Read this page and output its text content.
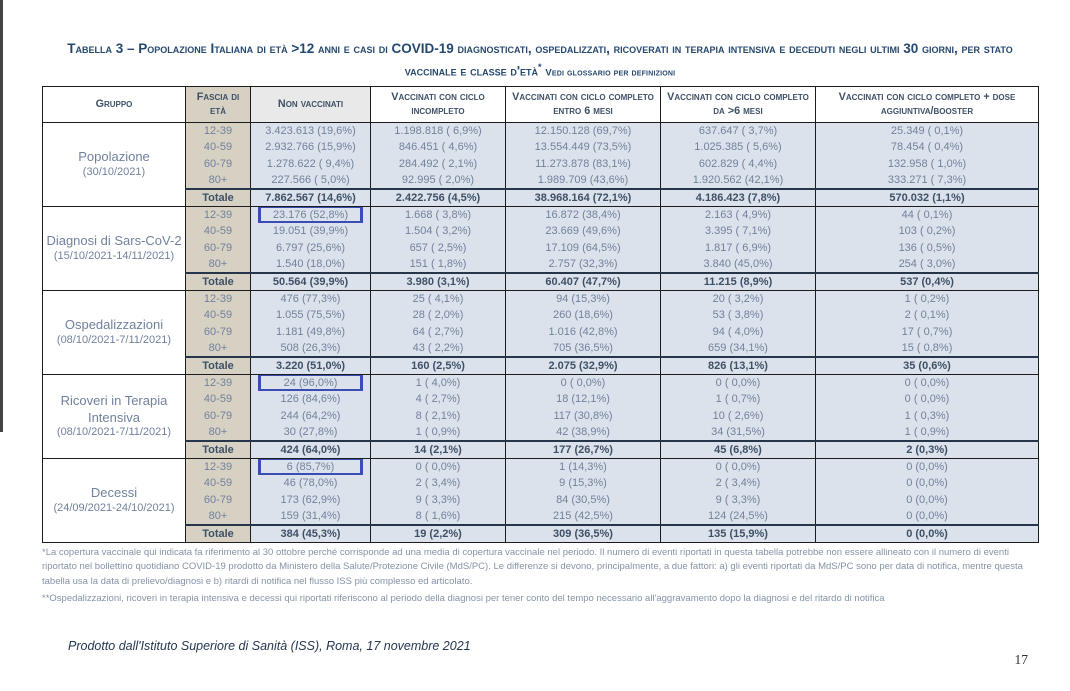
Tabella 3 – Popolazione Italiana di età >12 anni e casi di COVID-19 diagnosticati, ospedalizzati, ricoverati in terapia intensiva e deceduti negli ultimi 30 giorni, per stato vaccinale e classe d'età* Vedi glossario per definizioni
Gruppo	Fascia di età	Non vaccinati	Vaccinati con ciclo incompleto	Vaccinati con ciclo completo entro 6 mesi	Vaccinati con ciclo completo da >6 mesi	Vaccinati con ciclo completo + dose aggiuntiva/booster

Popolazione
(30/10/2021)	12-39	3.423.613 (19,6%)	1.198.818 ( 6,9%)	12.150.128 (69,7%)	637.647 ( 3,7%)	25.349 ( 0,1%)
	40-59	2.932.766 (15,9%)	846.451 ( 4,6%)	13.554.449 (73,5%)	1.025.385 ( 5,6%)	78.454 ( 0,4%)
	60-79	1.278.622 ( 9,4%)	284.492 ( 2,1%)	11.273.878 (83,1%)	602.829 ( 4,4%)	132.958 ( 1,0%)
	80+	227.566 ( 5,0%)	92.995 ( 2,0%)	1.989.709 (43,6%)	1.920.562 (42,1%)	333.271 ( 7,3%)
	Totale	7.862.567 (14,6%)	2.422.756 (4,5%)	38.968.164 (72,1%)	4.186.423 (7,8%)	570.032 (1,1%)

Diagnosi di Sars-CoV-2
(15/10/2021-14/11/2021)	12-39	23.176 (52,8%)	1.668 ( 3,8%)	16.872 (38,4%)	2.163 ( 4,9%)	44 ( 0,1%)
	40-59	19.051 (39,9%)	1.504 ( 3,2%)	23.669 (49,6%)	3.395 ( 7,1%)	103 ( 0,2%)
	60-79	6.797 (25,6%)	657 ( 2,5%)	17.109 (64,5%)	1.817 ( 6,9%)	136 ( 0,5%)
	80+	1.540 (18,0%)	151 ( 1,8%)	2.757 (32,3%)	3.840 (45,0%)	254 ( 3,0%)
	Totale	50.564 (39,9%)	3.980 (3,1%)	60.407 (47,7%)	11.215 (8,9%)	537 (0,4%)

Ospedalizzazioni
(08/10/2021-7/11/2021)	12-39	476 (77,3%)	25 ( 4,1%)	94 (15,3%)	20 ( 3,2%)	1 ( 0,2%)
	40-59	1.055 (75,5%)	28 ( 2,0%)	260 (18,6%)	53 ( 3,8%)	2 ( 0,1%)
	60-79	1.181 (49,8%)	64 ( 2,7%)	1.016 (42,8%)	94 ( 4,0%)	17 ( 0,7%)
	80+	508 (26,3%)	43 ( 2,2%)	705 (36,5%)	659 (34,1%)	15 ( 0,8%)
	Totale	3.220 (51,0%)	160 (2,5%)	2.075 (32,9%)	826 (13,1%)	35 (0,6%)

Ricoveri in Terapia Intensiva
(08/10/2021-7/11/2021)	12-39	24 (96,0%)	1 ( 4,0%)	0 ( 0,0%)	0 ( 0,0%)	0 ( 0,0%)
	40-59	126 (84,6%)	4 ( 2,7%)	18 (12,1%)	1 ( 0,7%)	0 ( 0,0%)
	60-79	244 (64,2%)	8 ( 2,1%)	117 (30,8%)	10 ( 2,6%)	1 ( 0,3%)
	80+	30 (27,8%)	1 ( 0,9%)	42 (38,9%)	34 (31,5%)	1 ( 0,9%)
	Totale	424 (64,0%)	14 (2,1%)	177 (26,7%)	45 (6,8%)	2 (0,3%)

Decessi
(24/09/2021-24/10/2021)	12-39	6 (85,7%)	0 ( 0,0%)	1 (14,3%)	0 ( 0,0%)	0 (0,0%)
	40-59	46 (78,0%)	2 ( 3,4%)	9 (15,3%)	2 ( 3,4%)	0 (0,0%)
	60-79	173 (62,9%)	9 ( 3,3%)	84 (30,5%)	9 ( 3,3%)	0 (0,0%)
	80+	159 (31,4%)	8 ( 1,6%)	215 (42,5%)	124 (24,5%)	0 (0,0%)
	Totale	384 (45,3%)	19 (2,2%)	309 (36,5%)	135 (15,9%)	0 (0,0%)

*La copertura vaccinale qui indicata fa riferimento al 30 ottobre perché corrisponde ad una media di copertura vaccinale nel periodo. Il numero di eventi riportati in questa tabella potrebbe non essere allineato con il numero di eventi riportato nel bollettino quotidiano COVID-19 prodotto da Ministero della Salute/Protezione Civile (MdS/PC). Le differenze si devono, principalmente, a due fattori: a) gli eventi riportati da MdS/PC sono per data di notifica, mentre questa tabella usa la data di prelievo/diagnosi e b) ritardi di notifica nel flusso ISS più complesso ed articolato.

**Ospedalizzazioni, ricoveri in terapia intensiva e decessi qui riportati riferiscono al periodo della diagnosi per tener conto del tempo necessario all'aggravamento dopo la diagnosi e del ritardo di notifica

Prodotto dall'Istituto Superiore di Sanità (ISS), Roma, 17 novembre 2021
17
